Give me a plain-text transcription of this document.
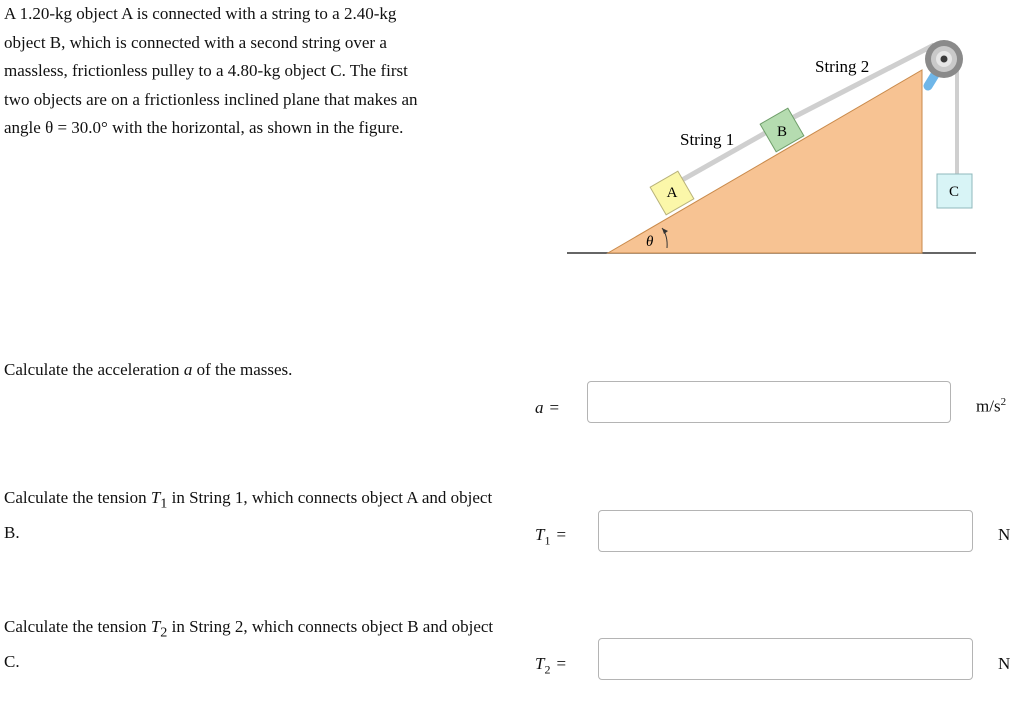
A 1.20-kg object A is connected with a string to a 2.40-kg
object B, which is connected with a second string over a
massless, frictionless pulley to a 4.80-kg object C. The first
two objects are on a frictionless inclined plane that makes an
angle θ = 30.0° with the horizontal, as shown in the figure.
A
B
C
String 1
String 2
θ
Calculate the acceleration a of the masses.
a =	$m/s^2$
Calculate the tension $T_1$ in String 1, which connects object A and object B.	$T_1$ =	N
Calculate the tension $T_2$ in String 2, which connects object B and object C.	$T_2$ =	N
